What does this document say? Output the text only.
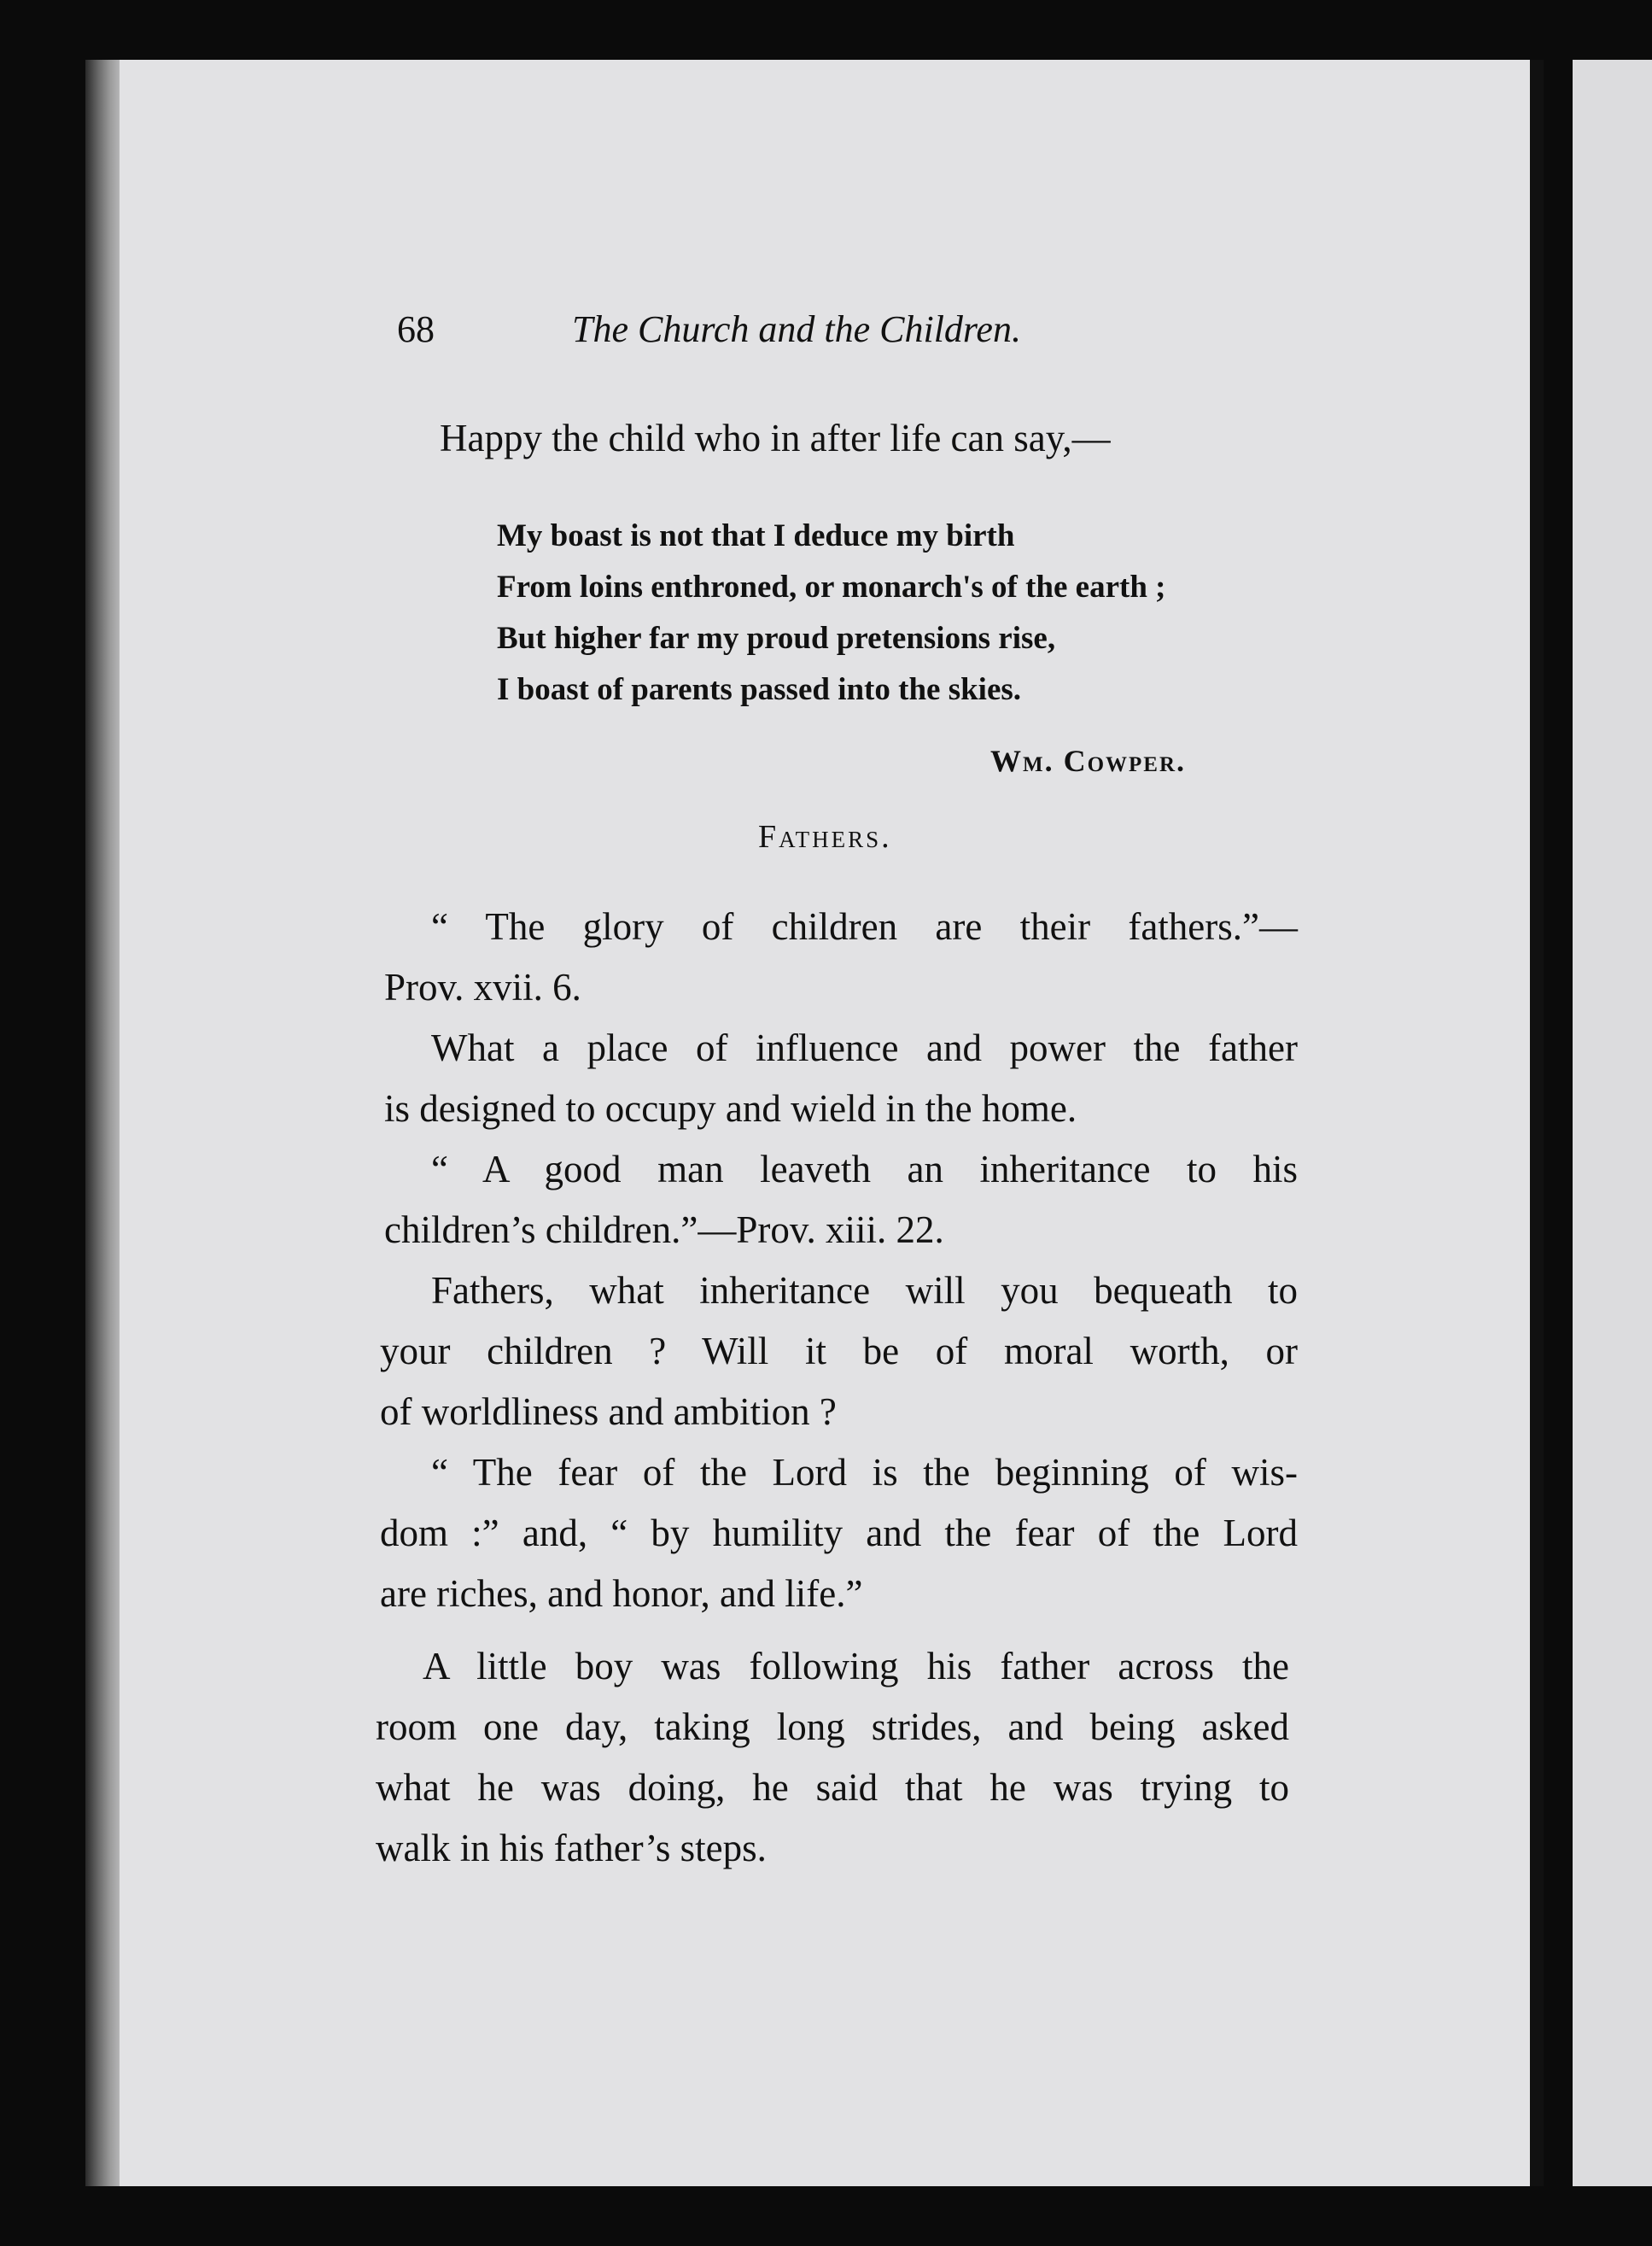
68	The Church and the Children.

Happy the child who in after life can say,—

My boast is not that I deduce my birth
From loins enthroned, or monarch's of the earth ;
But higher far my proud pretensions rise,
I boast of parents passed into the skies.
Wm. Cowper.
Fathers.
“ The glory of children are their fathers.”—
Prov. xvii. 6.
What a place of influence and power the father
is designed to occupy and wield in the home.
“ A good man leaveth an inheritance to his
children’s children.”—Prov. xiii. 22.
Fathers, what inheritance will you bequeath to
your children ? Will it be of moral worth, or
of worldliness and ambition ?
“ The fear of the Lord is the beginning of wis-
dom :” and, “ by humility and the fear of the Lord
are riches, and honor, and life.”
A little boy was following his father across the
room one day, taking long strides, and being asked
what he was doing, he said that he was trying to
walk in his father’s steps.
